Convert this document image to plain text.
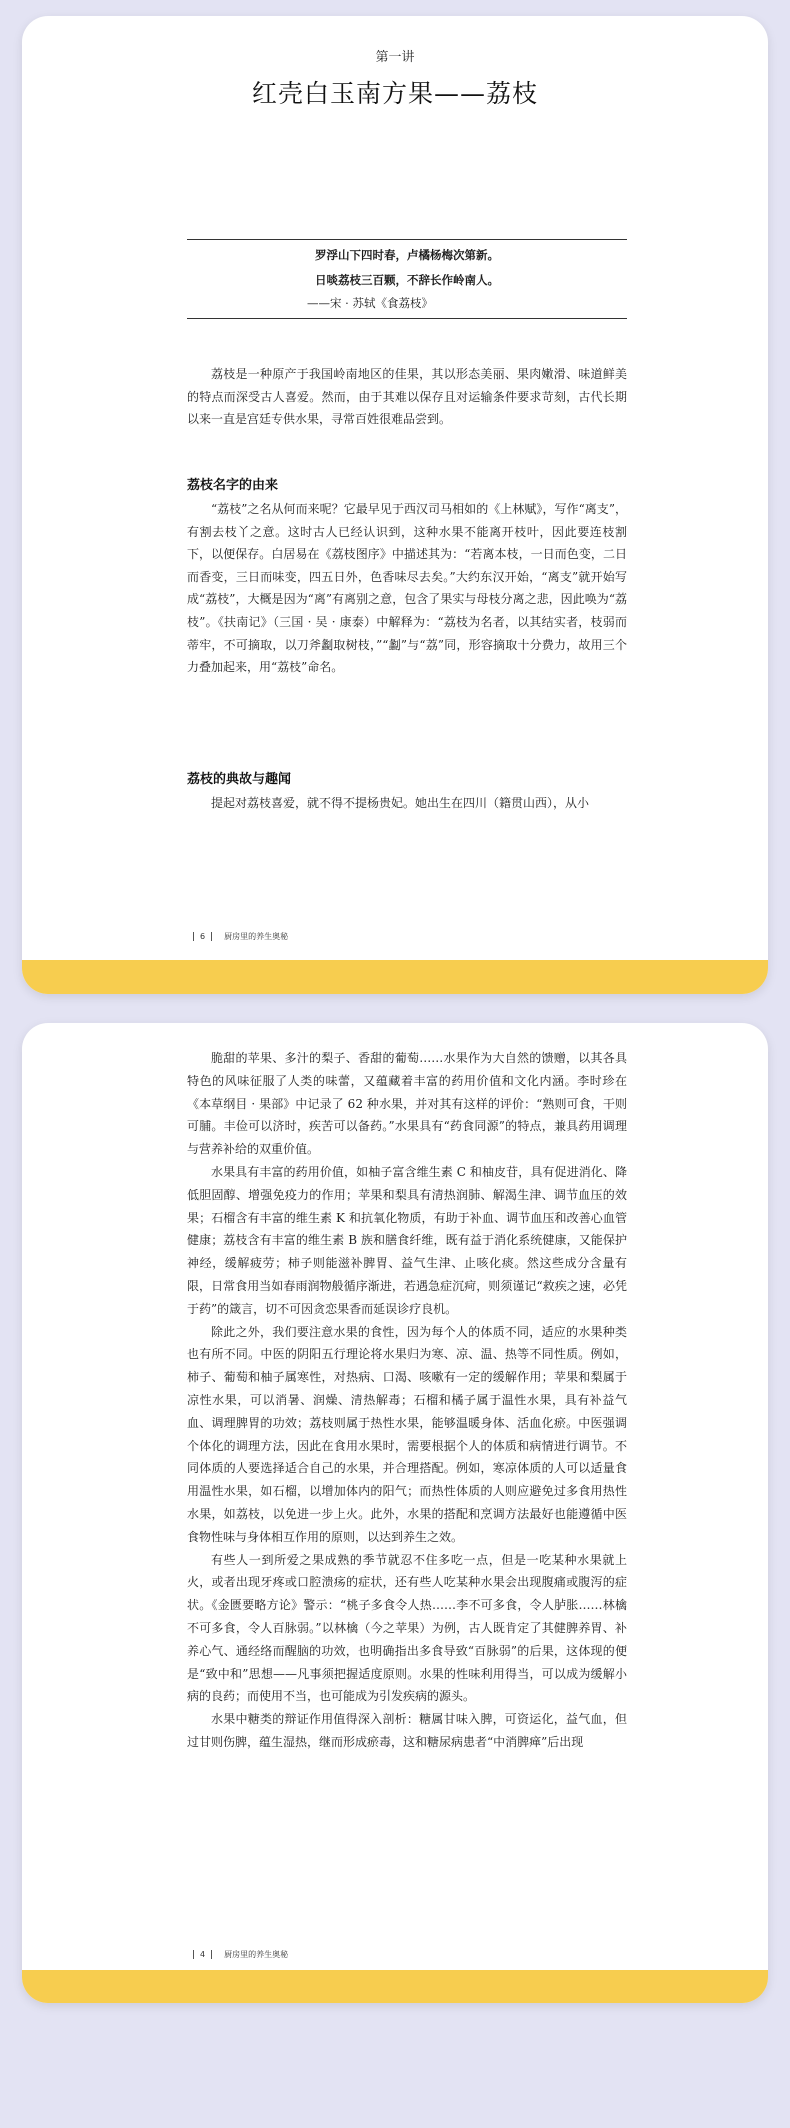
第一讲
红壳白玉南方果——荔枝
罗浮山下四时春，卢橘杨梅次第新。
日啖荔枝三百颗，不辞长作岭南人。
——宋 · 苏轼《食荔枝》

荔枝是一种原产于我国岭南地区的佳果，其以形态美丽、果肉嫩滑、味道鲜美的特点而深受古人喜爱。然而，由于其难以保存且对运输条件要求苛刻，古代长期以来一直是宫廷专供水果，寻常百姓很难品尝到。

荔枝名字的由来

“荔枝”之名从何而来呢？它最早见于西汉司马相如的《上林赋》，写作“离支”，有割去枝丫之意。这时古人已经认识到，这种水果不能离开枝叶，因此要连枝割下，以便保存。白居易在《荔枝图序》中描述其为：“若离本枝，一日而色变，二日而香变，三日而味变，四五日外，色香味尽去矣。”大约东汉开始，“离支”就开始写成“荔枝”，大概是因为“离”有离别之意，包含了果实与母枝分离之悲，因此唤为“荔枝”。《扶南记》（三国 · 吴 · 康泰）中解释为：“荔枝为名者，以其结实者，枝弱而蒂牢，不可摘取，以刀斧劙取树枝，”“劙”与“荔”同，形容摘取十分费力，故用三个力叠加起来，用“荔枝”命名。

荔枝的典故与趣闻

提起对荔枝喜爱，就不得不提杨贵妃。她出生在四川（籍贯山西），从小

6 厨房里的养生奥秘

脆甜的苹果、多汁的梨子、香甜的葡萄……水果作为大自然的馈赠，以其各具特色的风味征服了人类的味蕾，又蕴藏着丰富的药用价值和文化内涵。李时珍在《本草纲目 · 果部》中记录了 62 种水果，并对其有这样的评价：“熟则可食，干则可脯。丰俭可以济时，疾苦可以备药。”水果具有“药食同源”的特点，兼具药用调理与营养补给的双重价值。

水果具有丰富的药用价值，如柚子富含维生素 C 和柚皮苷，具有促进消化、降低胆固醇、增强免疫力的作用；苹果和梨具有清热润肺、解渴生津、调节血压的效果；石榴含有丰富的维生素 K 和抗氧化物质，有助于补血、调节血压和改善心血管健康；荔枝含有丰富的维生素 B 族和膳食纤维，既有益于消化系统健康，又能保护神经，缓解疲劳；柿子则能滋补脾胃、益气生津、止咳化痰。然这些成分含量有限，日常食用当如春雨润物般循序渐进，若遇急症沉疴，则须谨记“救疾之速，必凭于药”的箴言，切不可因贪恋果香而延误诊疗良机。

除此之外，我们要注意水果的食性，因为每个人的体质不同，适应的水果种类也有所不同。中医的阴阳五行理论将水果归为寒、凉、温、热等不同性质。例如，柿子、葡萄和柚子属寒性，对热病、口渴、咳嗽有一定的缓解作用；苹果和梨属于凉性水果，可以消暑、润燥、清热解毒；石榴和橘子属于温性水果，具有补益气血、调理脾胃的功效；荔枝则属于热性水果，能够温暖身体、活血化瘀。中医强调个体化的调理方法，因此在食用水果时，需要根据个人的体质和病情进行调节。不同体质的人要选择适合自己的水果，并合理搭配。例如，寒凉体质的人可以适量食用温性水果，如石榴，以增加体内的阳气；而热性体质的人则应避免过多食用热性水果，如荔枝，以免进一步上火。此外，水果的搭配和烹调方法最好也能遵循中医食物性味与身体相互作用的原则，以达到养生之效。

有些人一到所爱之果成熟的季节就忍不住多吃一点，但是一吃某种水果就上火，或者出现牙疼或口腔溃疡的症状，还有些人吃某种水果会出现腹痛或腹泻的症状。《金匮要略方论》警示：“桃子多食令人热……李不可多食，令人胪胀……林檎不可多食，令人百脉弱。”以林檎（今之苹果）为例，古人既肯定了其健脾养胃、补养心气、通经络而醒脑的功效，也明确指出多食导致“百脉弱”的后果，这体现的便是“致中和”思想——凡事须把握适度原则。水果的性味利用得当，可以成为缓解小病的良药；而使用不当，也可能成为引发疾病的源头。

水果中糖类的辩证作用值得深入剖析：糖属甘味入脾，可资运化，益气血，但过甘则伤脾，蕴生湿热，继而形成瘀毒，这和糖尿病患者“中消脾瘅”后出现

4 厨房里的养生奥秘
